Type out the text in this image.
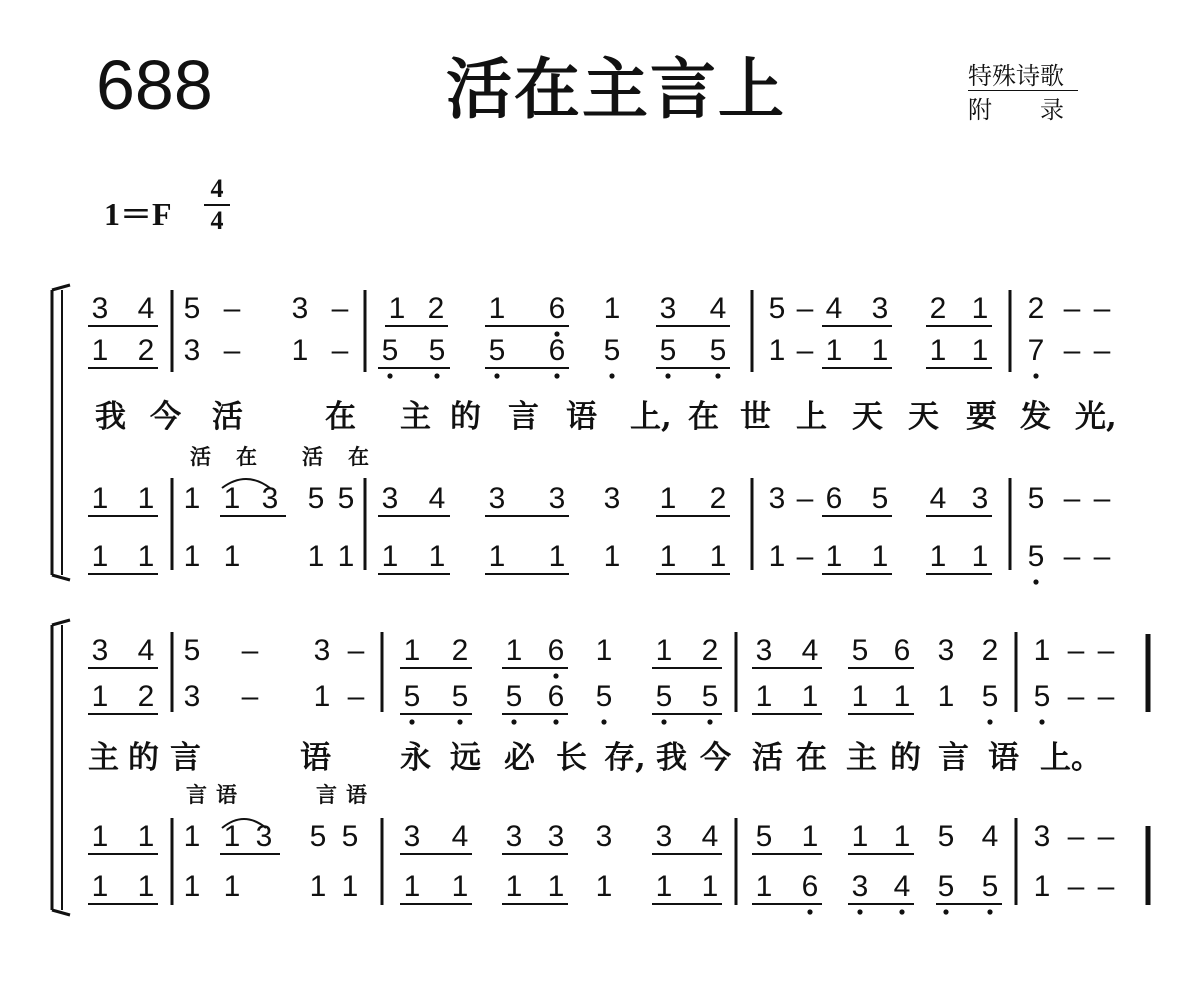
688	活在主言上	特殊诗歌
附　　录
1＝F
4
4
3 4 5 – 3 – 1 2 1 6 1 3 4 5 – 4 3 2 1 2 – –
1 2 3 – 1 – 5 5 5 6 5 5 5 1 – 1 1 1 1 7 – –
我 今 活	在 主 的 言 语 上, 在 世 上 天 天 要 发 光,
活 在 活 在
1 1 1 1 3 5 5 3 4 3 3 3 1 2 3 – 6 5 4 3 5 – –
1 1 1 1 1 1 1 1 1 1 1 1 1 1 – 1 1 1 1 5 – –
3 4 5 – 3 – 1 2 1 6 1 1 2 3 4 5 6 3 2 1 – –
1 2 3 – 1 – 5 5 5 6 5 5 5 1 1 1 1 1 5 5 – –
主 的 言	语 永 远 必 长 存, 我 今 活 在 主 的 言 语 上。
言 语	言 语
1 1 1 1 3 5 5 3 4 3 3 3 3 4 5 1 1 1 5 4 3 – –
1 1 1 1 1 1 1 1 1 1 1 1 1 1 6 3 4 5 5 1 – –
